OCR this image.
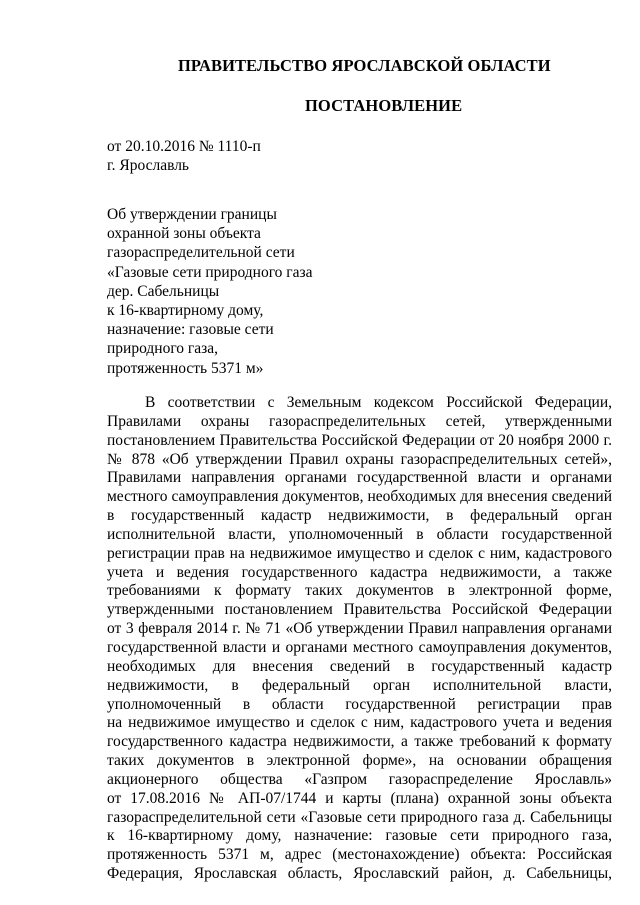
ПРАВИТЕЛЬСТВО ЯРОСЛАВСКОЙ ОБЛАСТИ
ПОСТАНОВЛЕНИЕ
от 20.10.2016 № 1110-п
г. Ярославль
Об утверждении границы
охранной зоны объекта
газораспределительной сети
«Газовые сети природного газа
дер. Сабельницы
к 16-квартирному дому,
назначение: газовые сети
природного газа,
протяженность 5371 м»
В соответствии с Земельным кодексом Российской Федерации,
Правилами охраны газораспределительных сетей, утвержденными
постановлением Правительства Российской Федерации от 20 ноября 2000 г.
№ 878 «Об утверждении Правил охраны газораспределительных сетей»,
Правилами направления органами государственной власти и органами
местного самоуправления документов, необходимых для внесения сведений
в государственный кадастр недвижимости, в федеральный орган
исполнительной власти, уполномоченный в области государственной
регистрации прав на недвижимое имущество и сделок с ним, кадастрового
учета и ведения государственного кадастра недвижимости, а также
требованиями к формату таких документов в электронной форме,
утвержденными постановлением Правительства Российской Федерации
от 3 февраля 2014 г. № 71 «Об утверждении Правил направления органами
государственной власти и органами местного самоуправления документов,
необходимых для внесения сведений в государственный кадастр
недвижимости, в федеральный орган исполнительной власти,
уполномоченный в области государственной регистрации прав
на недвижимое имущество и сделок с ним, кадастрового учета и ведения
государственного кадастра недвижимости, а также требований к формату
таких документов в электронной форме», на основании обращения
акционерного общества «Газпром газораспределение Ярославль»
от 17.08.2016 № АП-07/1744 и карты (плана) охранной зоны объекта
газораспределительной сети «Газовые сети природного газа д. Сабельницы
к 16-квартирному дому, назначение: газовые сети природного газа,
протяженность 5371 м, адрес (местонахождение) объекта: Российская
Федерация, Ярославская область, Ярославский район, д. Сабельницы,
